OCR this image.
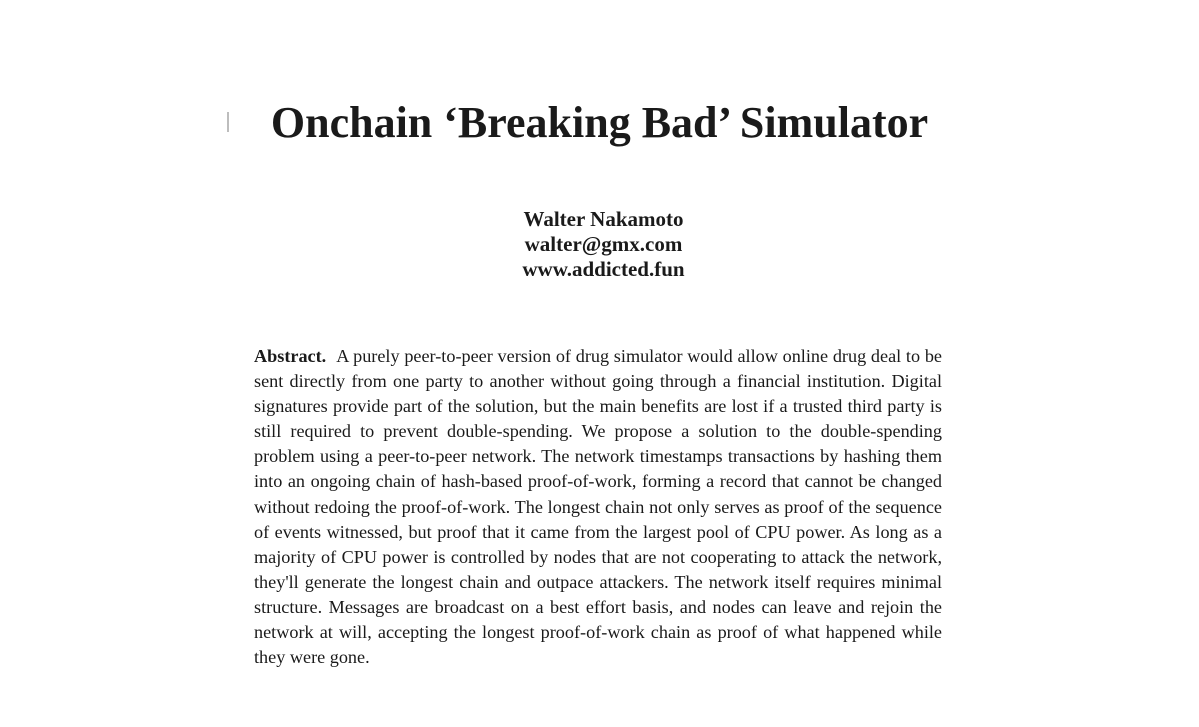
Onchain ‘Breaking Bad’ Simulator
Walter Nakamoto
walter@gmx.com
www.addicted.fun

Abstract. A purely peer-to-peer version of drug simulator would allow online drug deal to be sent directly from one party to another without going through a financial institution. Digital signatures provide part of the solution, but the main benefits are lost if a trusted third party is still required to prevent double-spending. We propose a solution to the double-spending problem using a peer-to-peer network. The network timestamps transactions by hashing them into an ongoing chain of hash-based proof-of-work, forming a record that cannot be changed without redoing the proof-of-work. The longest chain not only serves as proof of the sequence of events witnessed, but proof that it came from the largest pool of CPU power. As long as a majority of CPU power is controlled by nodes that are not cooperating to attack the network, they'll generate the longest chain and outpace attackers. The network itself requires minimal structure. Messages are broadcast on a best effort basis, and nodes can leave and rejoin the network at will, accepting the longest proof-of-work chain as proof of what happened while they were gone.
